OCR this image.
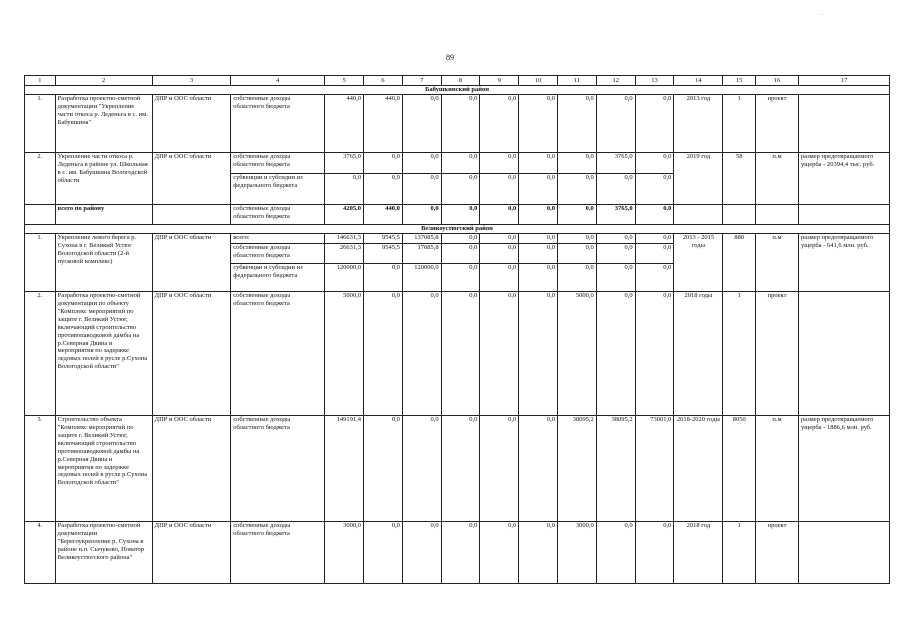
89
-
1	2	3	4	5	6	7	8	9	10	11	12	13	14	15	16	17
Бабушкинский район																
1.	Разработка проектно-сметной документации "Укрепление части откоса р. Леденьга в с. им. Бабушкина"	ДПР и ООС области	собственные доходы областного бюджета	440,0	440,0	0,0	0,0	0,0	0,0	0,0	0,0	0,0	2013 год	1	проект	
2.	Укрепление части откоса р. Леденьга в районе ул. Школьная в с. им. Бабушкина Вологодской области	ДПР и ООС области	собственные доходы областного бюджета	3765,0	0,0	0,0	0,0	0,0	0,0	0,0	3765,0	0,0	2019 год	58	п.м	размер предотвращаемого ущерба - 20394,4 тыс. руб.
			субвенции и субсидии из федерального бюджета	0,0	0,0	0,0	0,0	0,0	0,0	0,0	0,0	0,0				
	всего по району		собственные доходы областного бюджета	4205,0	440,0	0,0	0,0	0,0	0,0	0,0	3765,0	0,0				
Великоустюгский район																
1.	Укрепление левого берега р. Сухона в г. Великий Устюг Вологодской области (2-й пусковой комплекс)	ДПР и ООС области	всего:	146631,3	9545,5	137085,8	0,0	0,0	0,0	0,0	0,0	0,0	2013 - 2015 годы	880	п.м	размер предотвращаемого ущерба - 641,6 млн. руб.
			собственные доходы областного бюджета	26631,3	9545,5	17085,8	0,0	0,0	0,0	0,0	0,0	0,0				
			субвенции и субсидии из федерального бюджета	120000,0	0,0	120000,0	0,0	0,0	0,0	0,0	0,0	0,0				
2.	Разработка проектно-сметной документации по объекту "Комплекс мероприятий по защите г. Великий Устюг, включающий строительство противопаводковой дамбы на р.Северная Двина и мероприятия по задержке ледовых полей в русле р.Сухона Вологодской области"	ДПР и ООС области	собственные доходы областного бюджета	5000,0	0,0	0,0	0,0	0,0	0,0	5000,0	0,0	0,0	2018 годы	1	проект	
3.	Строительство объекта "Комплекс мероприятий по защите г. Великий Устюг, включающий строительство противопаводковой дамбы на р.Северная Двина и мероприятия по задержке ледовых полей в русле р.Сухона Вологодской области"	ДПР и ООС области	собственные доходы областного бюджета	149191,4	0,0	0,0	0,0	0,0	0,0	38095,2	38095,2	73001,0	2018-2020 годы	8050	п.м	размер предотвращаемого ущерба - 1886,6 млн. руб.
4.	Разработка проектно-сметной документации "Берегоукрепление р. Сухона в районе н.п. Сычуково, Новатор Великоустюгского района"	ДПР и ООС области	собственные доходы областного бюджета	3000,0	0,0	0,0	0,0	0,0	0,0	3000,0	0,0	0,0	2018 год	1	проект	
